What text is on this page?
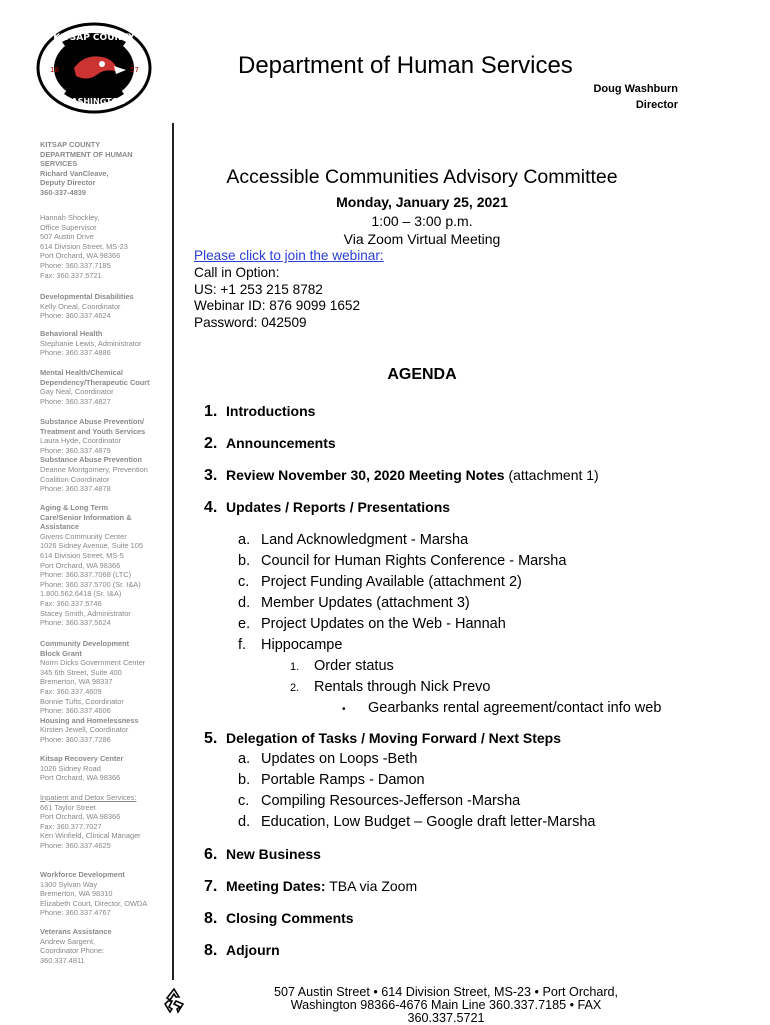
KITSAP COUNTY
WASHINGTON
18	57	Department of Human Services
Doug Washburn
Director
KITSAP COUNTY
DEPARTMENT OF HUMAN
SERVICES
Richard VanCleave,
Deputy Director
360-337-4839
Hannah Shockley,
Office Supervisor
507 Austin Drive
614 Division Street, MS-23
Port Orchard, WA 98366
Phone: 360.337.7185
Fax: 360.337.5721
Developmental Disabilities
Kelly Oneal, Coordinator
Phone: 360.337.4624
Behavioral Health
Stephanie Lewis, Administrator
Phone: 360.337.4886
Mental Health/Chemical
Dependency/Therapeutic Court
Gay Neal, Coordinator
Phone: 360.337.4827
Substance Abuse Prevention/
Treatment and Youth Services
Laura Hyde, Coordinator
Phone: 360.337.4879
Substance Abuse Prevention
Deanne Montgomery, Prevention
Coalition Coordinator
Phone: 360.337.4878
Aging & Long Term
Care/Senior Information &
Assistance
Givens Community Center
1026 Sidney Avenue, Suite 105
614 Division Street, MS-5
Port Orchard, WA 98366
Phone: 360.337.7068 (LTC)
Phone: 360.337.5700 (Sr. I&A)
1.800.562.6418 (Sr. I&A)
Fax: 360.337.5746
Stacey Smith, Administrator
Phone: 360.337.5624
Community Development
Block Grant
Norm Dicks Government Center
345 6th Street, Suite 400
Bremerton, WA 98337
Fax: 360.337.4609
Bonnie Tufts, Coordinator
Phone: 360.337.4606
Housing and Homelessness
Kirsten Jewell, Coordinator
Phone: 360.337.7286
Kitsap Recovery Center
1026 Sidney Road
Port Orchard, WA 98366
Inpatient and Detox Services:
661 Taylor Street
Port Orchard, WA 98366
Fax: 360.377.7027
Ken Winfield, Clinical Manager
Phone: 360.337.4625
Workforce Development
1300 Sylvan Way
Bremerton, WA 98310
Elizabeth Court, Director, OWDA
Phone: 360.337.4767
Veterans Assistance
Andrew Sargent,
Coordinator Phone:
360.337.4811
Accessible Communities Advisory Committee
Monday, January 25, 2021
1:00 – 3:00 p.m.
Via Zoom Virtual Meeting
Please click to join the webinar:
Call in Option:
US: +1 253 215 8782
Webinar ID: 876 9099 1652
Password: 042509
AGENDA
1. Introductions
2. Announcements
3. Review November 30, 2020 Meeting Notes (attachment 1)
4. Updates / Reports / Presentations
5. Delegation of Tasks / Moving Forward / Next Steps
6. New Business
7. Meeting Dates: TBA via Zoom
8. Closing Comments
8. Adjourn
a. Land Acknowledgment - Marsha
b. Council for Human Rights Conference - Marsha
c. Project Funding Available (attachment 2)
d. Member Updates (attachment 3)
e. Project Updates on the Web - Hannah
f. Hippocampe
1. Order status
2. Rentals through Nick Prevo
• Gearbanks rental agreement/contact info web
a. Updates on Loops -Beth
b. Portable Ramps - Damon
c. Compiling Resources-Jefferson -Marsha
d. Education, Low Budget – Google draft letter-Marsha
507 Austin Street • 614 Division Street, MS-23 • Port Orchard,
Washington 98366-4676 Main Line 360.337.7185 • FAX
360.337.5721
